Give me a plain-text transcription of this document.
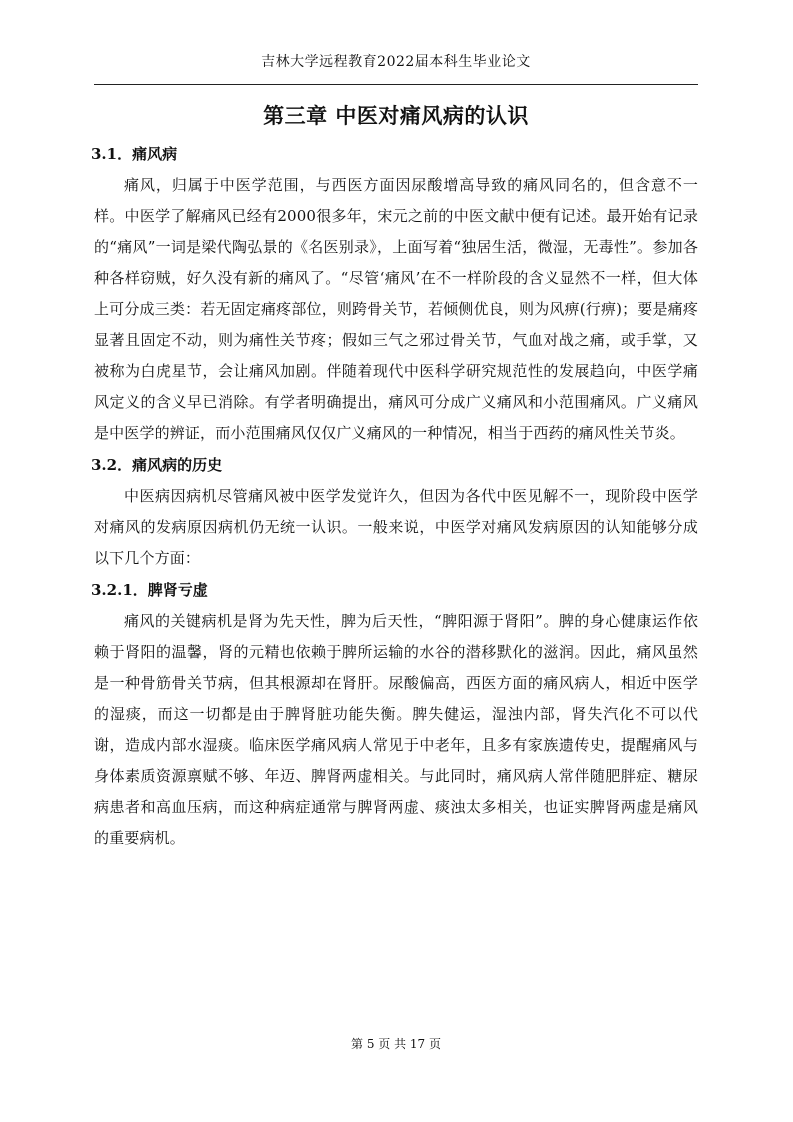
吉林大学远程教育2022届本科生毕业论文
第三章 中医对痛风病的认识
3.1．痛风病

痛风，归属于中医学范围，与西医方面因尿酸增高导致的痛风同名的，但含意不一样。中医学了解痛风已经有2000很多年，宋元之前的中医文献中便有记述。最开始有记录的“痛风”一词是梁代陶弘景的《名医别录》，上面写着“独居生活，微湿，无毒性”。参加各种各样窃贼，好久没有新的痛风了。“尽管‘痛风’在不一样阶段的含义显然不一样，但大体上可分成三类：若无固定痛疼部位，则跨骨关节，若倾侧优良，则为风痹(行痹)；要是痛疼显著且固定不动，则为痛性关节疼；假如三气之邪过骨关节，气血对战之痛，或手掌，又被称为白虎星节，会让痛风加剧。伴随着现代中医科学研究规范性的发展趋向，中医学痛风定义的含义早已消除。有学者明确提出，痛风可分成广义痛风和小范围痛风。广义痛风是中医学的辨证，而小范围痛风仅仅广义痛风的一种情况，相当于西药的痛风性关节炎。

3.2．痛风病的历史

中医病因病机尽管痛风被中医学发觉许久，但因为各代中医见解不一，现阶段中医学对痛风的发病原因病机仍无统一认识。一般来说，中医学对痛风发病原因的认知能够分成以下几个方面：

3.2.1．脾肾亏虚

痛风的关键病机是肾为先天性，脾为后天性，“脾阳源于肾阳”。脾的身心健康运作依赖于肾阳的温馨，肾的元精也依赖于脾所运输的水谷的潜移默化的滋润。因此，痛风虽然是一种骨筋骨关节病，但其根源却在肾肝。尿酸偏高，西医方面的痛风病人，相近中医学的湿痰，而这一切都是由于脾肾脏功能失衡。脾失健运，湿浊内部，肾失汽化不可以代谢，造成内部水湿痰。临床医学痛风病人常见于中老年，且多有家族遗传史，提醒痛风与身体素质资源禀赋不够、年迈、脾肾两虚相关。与此同时，痛风病人常伴随肥胖症、糖尿病患者和高血压病，而这种病症通常与脾肾两虚、痰浊太多相关，也证实脾肾两虚是痛风的重要病机。

第 5 页 共 17 页
